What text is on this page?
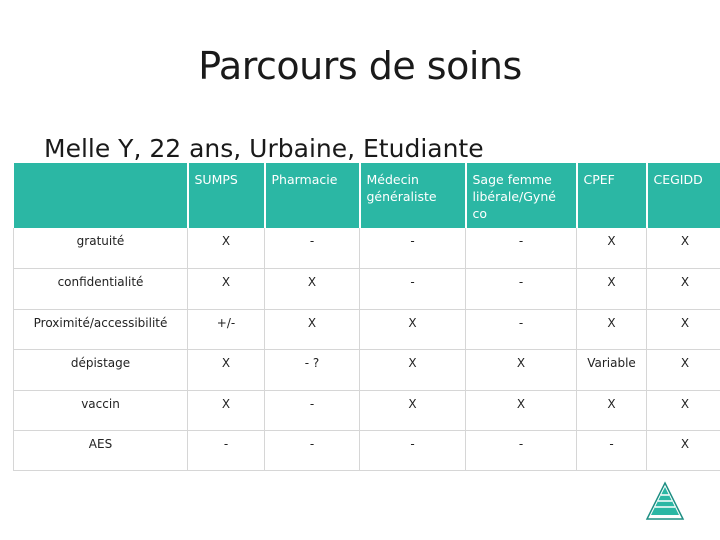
Parcours de soins
Melle Y, 22 ans, Urbaine, Etudiante
	SUMPS	Pharmacie	Médecin généraliste	Sage femme libérale/Gyné co	CPEF	CEGIDD
gratuité	X	-	-	-	X	X
confidentialité	X	X	-	-	X	X
Proximité/accessibilité	+/-	X	X	-	X	X
dépistage	X	- ?	X	X	Variable	X
vaccin	X	-	X	X	X	X
AES	-	-	-	-	-	X
